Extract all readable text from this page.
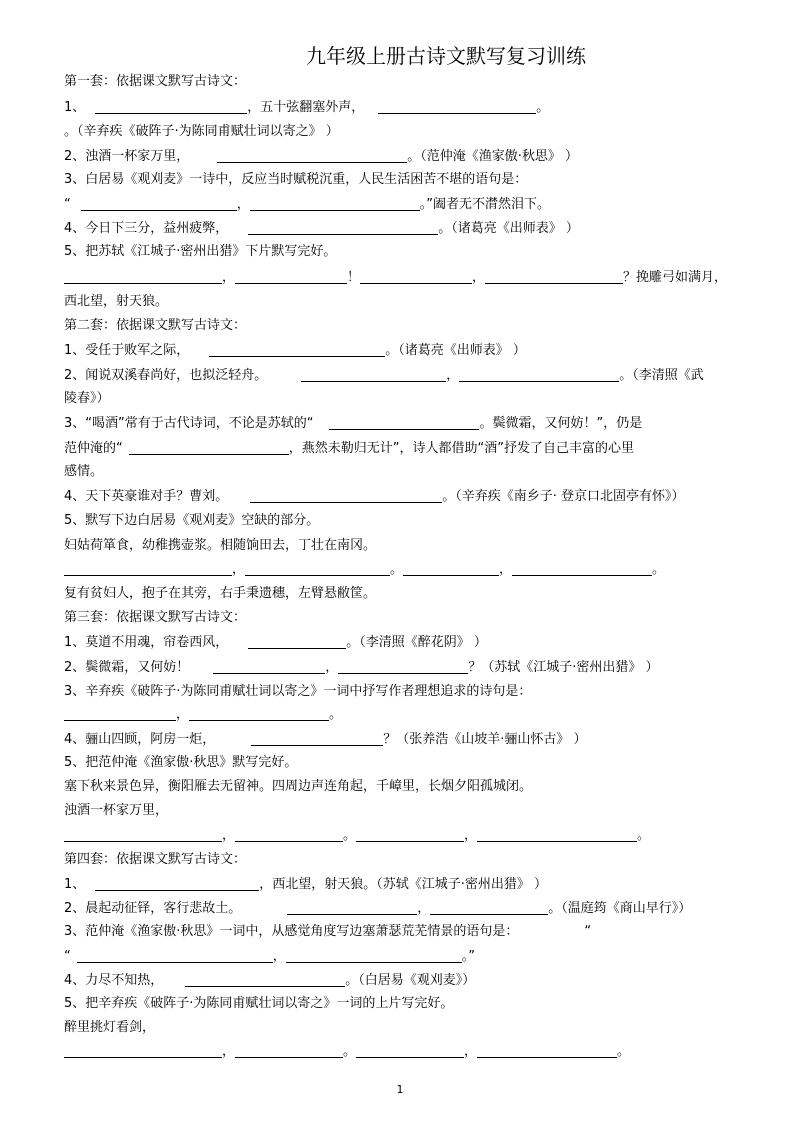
九年级上册古诗文默写复习训练
第一套：依据课文默写古诗文：
1、	，五十弦翻塞外声，	。
。（辛弃疾《破阵子·为陈同甫赋壮词以寄之》 ）
2、浊酒一杯家万里，	。（范仲淹《渔家傲·秋思》 ）
3、白居易《观刈麦》一诗中，反应当时赋税沉重，人民生活困苦不堪的语句是：
“	，	。”阖者无不潸然泪下。
4、今日下三分，益州疲弊，	。（诸葛亮《出师表》 ）
5、把苏轼《江城子·密州出猎》下片默写完好。
，	！	，	？挽雕弓如满月，
西北望，射天狼。
第二套：依据课文默写古诗文：
1、受任于败军之际，	。（诸葛亮《出师表》 ）
2、闻说双溪春尚好，也拟泛轻舟。	，	。（李清照《武
陵春》）
3、“喝酒”常有于古代诗词，不论是苏轼的“	。鬓微霜，又何妨！”，仍是
范仲淹的“	，燕然未勒归无计”，诗人都借助“酒”抒发了自己丰富的心里
感情。
4、天下英豪谁对手？曹刘。	。（辛弃疾《南乡子· 登京口北固亭有怀》）
5、默写下边白居易《观刈麦》空缺的部分。
妇姑荷箪食，幼稚携壶浆。相随饷田去，丁壮在南冈。
，	。	，	。
复有贫妇人，抱子在其旁，右手秉遗穗，左臂悬敝筐。
第三套：依据课文默写古诗文：
1、莫道不用魂，帘卷西风，	。（李清照《醉花阴》 ）
2、鬓微霜，又何妨！	，	？（苏轼《江城子·密州出猎》 ）
3、辛弃疾《破阵子·为陈同甫赋壮词以寄之》一词中抒写作者理想追求的诗句是：
，	。
4、骊山四顾，阿房一炬，	？（张养浩《山坡羊·骊山怀古》 ）
5、把范仲淹《渔家傲·秋思》默写完好。
塞下秋来景色异，衡阳雁去无留神。四周边声连角起，千嶂里，长烟夕阳孤城闭。
浊酒一杯家万里，
，	。	，	。
第四套：依据课文默写古诗文：
1、	，西北望，射天狼。（苏轼《江城子·密州出猎》 ）
2、晨起动征铎，客行悲故土。	，	。（温庭筠《商山早行》）
3、范仲淹《渔家傲·秋思》一词中，从感觉角度写边塞萧瑟荒芜情景的语句是：	“
“	，	。”
4、力尽不知热，	。（白居易《观刈麦》）
5、把辛弃疾《破阵子·为陈同甫赋壮词以寄之》一词的上片写完好。
醉里挑灯看剑，
，	。	，	。
1
